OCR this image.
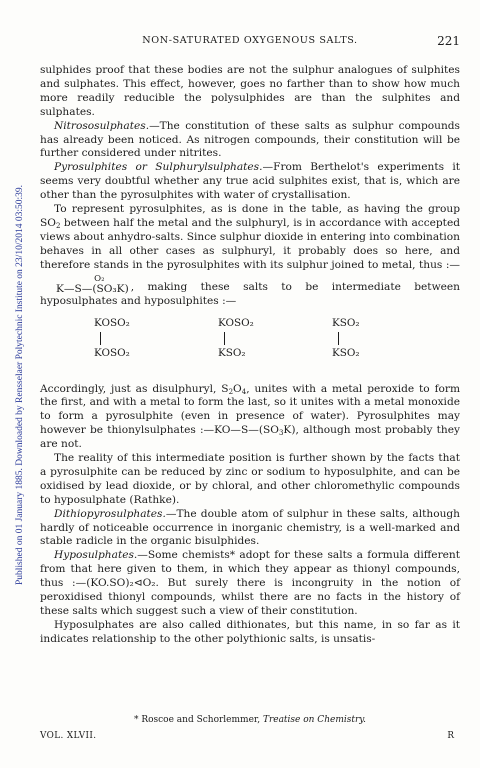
Published on 01 January 1885. Downloaded by Rensselaer Polytechnic Institute on 23/10/2014 03:50:39.
NON-SATURATED OXYGENOUS SALTS.	221

sulphides proof that these bodies are not the sulphur analogues of sulphites and sulphates. This effect, however, goes no farther than to show how much more readily reducible the polysulphides are than the sulphites and sulphates.

Nitrososulphates.—The constitution of these salts as sulphur compounds has already been noticed. As nitrogen compounds, their constitution will be further considered under nitrites.

Pyrosulphites or Sulphurylsulphates.—From Berthelot's experiments it seems very doubtful whether any true acid sulphites exist, that is, which are other than the pyrosulphites with water of crystallisation.

To represent pyrosulphites, as is done in the table, as having the group $SO_2$ between half the metal and the sulphuryl, is in accordance with accepted views about anhydro-salts. Since sulphur dioxide in entering into combination behaves in all other cases as sulphuryl, it probably does so here, and therefore stands in the pyrosulphites with its sulphur joined to metal, thus :—
O₂
K—S—(SO₃K) , making these salts to be intermediate between hyposulphates and hyposulphites :—

KOSO₂
KOSO₂
KOSO₂
KSO₂
KSO₂
KSO₂

Accordingly, just as disulphuryl, $S_2O_4$, unites with a metal peroxide to form the first, and with a metal to form the last, so it unites with a metal monoxide to form a pyrosulphite (even in presence of water). Pyrosulphites may however be thionylsulphates $:—KO—S—(SO_3K)$, although most probably they are not.

The reality of this intermediate position is further shown by the facts that a pyrosulphite can be reduced by zinc or sodium to hyposulphite, and can be oxidised by lead dioxide, or by chloral, and other chloromethylic compounds to hyposulphate (Rathke).

Dithiopyrosulphates.—The double atom of sulphur in these salts, although hardly of noticeable occurrence in inorganic chemistry, is a well-marked and stable radicle in the organic bisulphides.

Hyposulphates.—Some chemists* adopt for these salts a formula different from that here given to them, in which they appear as thionyl compounds, thus :—(KO.SO)₂⊲O₂. But surely there is incongruity in the notion of peroxidised thionyl compounds, whilst there are no facts in the history of these salts which suggest such a view of their constitution.

Hyposulphates are also called dithionates, but this name, in so far as it indicates relationship to the other polythionic salts, is unsatis-

* Roscoe and Schorlemmer, Treatise on Chemistry.
VOL. XLVII.	R
